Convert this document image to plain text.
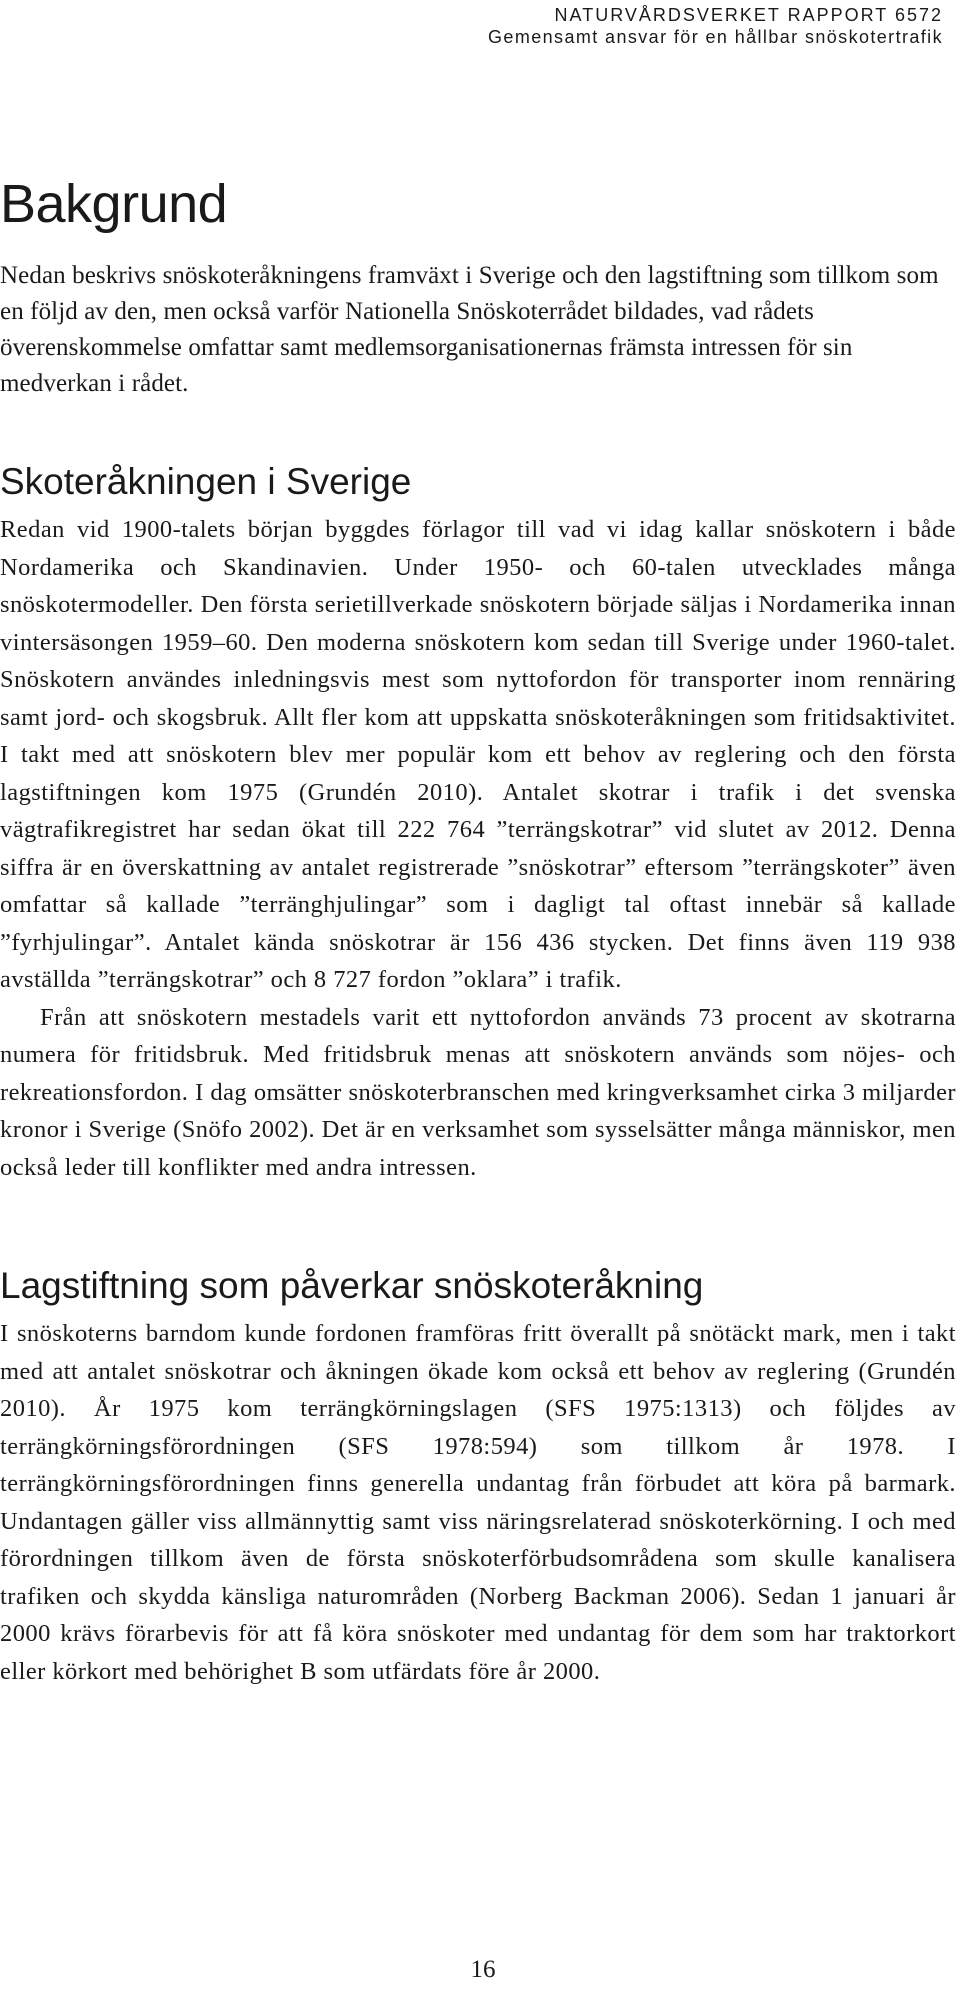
NATURVÅRDSVERKET RAPPORT 6572
Gemensamt ansvar för en hållbar snöskotertrafik
Bakgrund

Nedan beskrivs snöskoteråkningens framväxt i Sverige och den lagstiftning som tillkom som en följd av den, men också varför Nationella Snöskoterrådet bildades, vad rådets överenskommelse omfattar samt medlemsorganisationernas främsta intressen för sin medverkan i rådet.

Skoteråkningen i Sverige

Redan vid 1900-talets början byggdes förlagor till vad vi idag kallar snöskotern i både Nordamerika och Skandinavien. Under 1950- och 60-talen utvecklades många snöskotermodeller. Den första serietillverkade snöskotern började säljas i Nordamerika innan vintersäsongen 1959–60. Den moderna snöskotern kom sedan till Sverige under 1960-talet. Snöskotern användes inledningsvis mest som nyttofordon för transporter inom rennäring samt jord- och skogsbruk. Allt fler kom att uppskatta snöskoteråkningen som fritidsaktivitet. I takt med att snöskotern blev mer populär kom ett behov av reglering och den första lagstiftningen kom 1975 (Grundén 2010). Antalet skotrar i trafik i det svenska vägtrafikregistret har sedan ökat till 222 764 ”terrängskotrar” vid slutet av 2012. Denna siffra är en överskattning av antalet registrerade ”snöskotrar” eftersom ”terrängskoter” även omfattar så kallade ”terränghjulingar” som i dagligt tal oftast innebär så kallade ”fyrhjulingar”. Antalet kända snöskotrar är 156 436 stycken. Det finns även 119 938 avställda ”terrängskotrar” och 8 727 fordon ”oklara” i trafik.

Från att snöskotern mestadels varit ett nyttofordon används 73 procent av skotrarna numera för fritidsbruk. Med fritidsbruk menas att snöskotern används som nöjes- och rekreationsfordon. I dag omsätter snöskoterbranschen med kringverksamhet cirka 3 miljarder kronor i Sverige (Snöfo 2002). Det är en verksamhet som sysselsätter många människor, men också leder till konflikter med andra intressen.

Lagstiftning som påverkar snöskoteråkning

I snöskoterns barndom kunde fordonen framföras fritt överallt på snötäckt mark, men i takt med att antalet snöskotrar och åkningen ökade kom också ett behov av reglering (Grundén 2010). År 1975 kom terrängkörningslagen (SFS 1975:1313) och följdes av terrängkörningsförordningen (SFS 1978:594) som tillkom år 1978. I terrängkörningsförordningen finns generella undantag från förbudet att köra på barmark. Undantagen gäller viss allmännyttig samt viss näringsrelaterad snöskoterkörning. I och med förordningen tillkom även de första snöskoterförbudsområdena som skulle kanalisera trafiken och skydda känsliga naturområden (Norberg Backman 2006). Sedan 1 januari år 2000 krävs förarbevis för att få köra snöskoter med undantag för dem som har traktorkort eller körkort med behörighet B som utfärdats före år 2000.

16
